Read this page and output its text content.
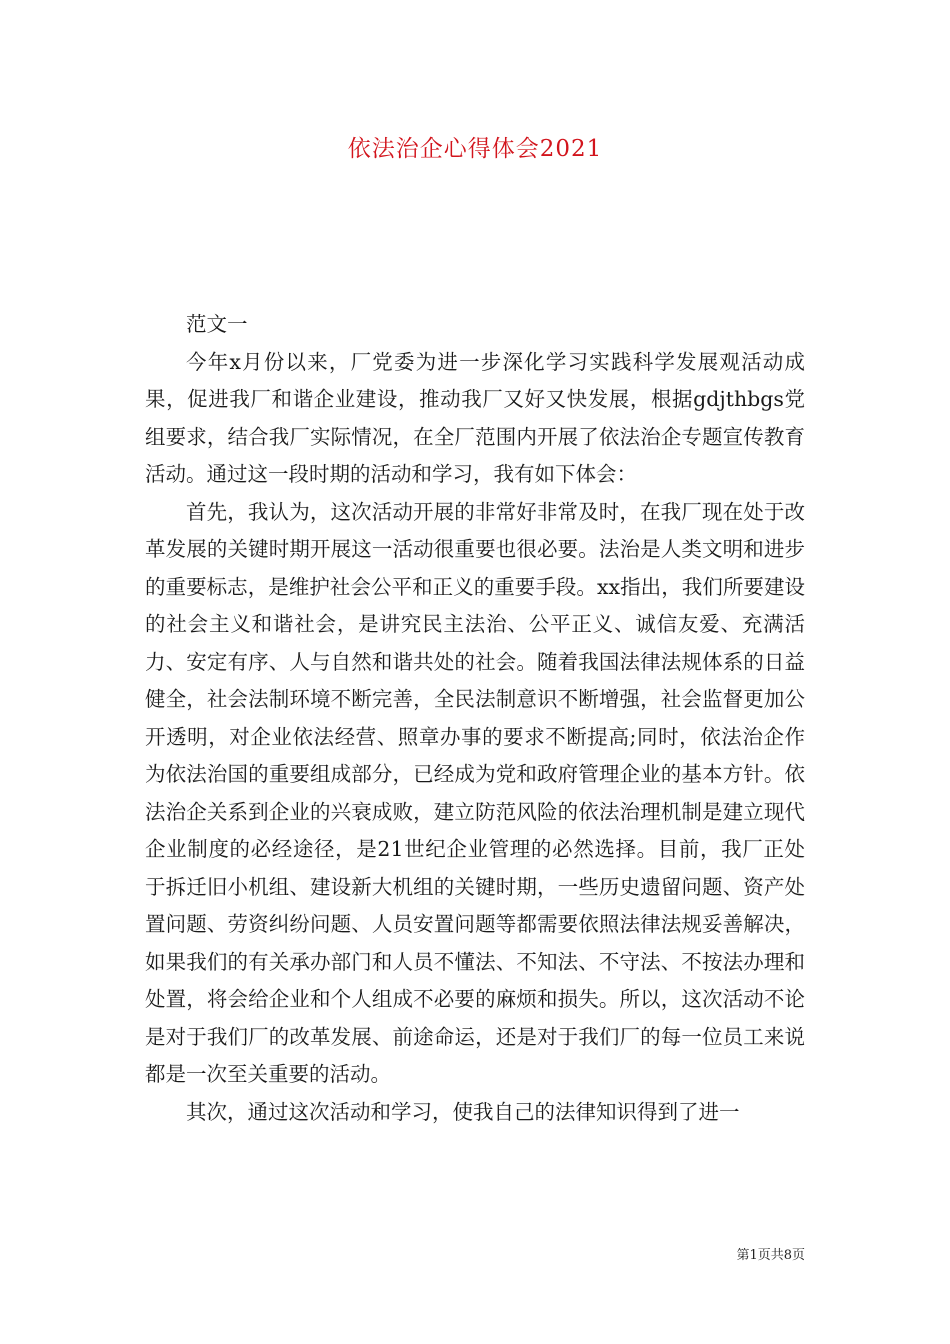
依法治企心得体会2021

范文一

今年x月份以来，厂党委为进一步深化学习实践科学发展观活动成果，促进我厂和谐企业建设，推动我厂又好又快发展，根据gdjthbgs党组要求，结合我厂实际情况，在全厂范围内开展了依法治企专题宣传教育活动。通过这一段时期的活动和学习，我有如下体会：

首先，我认为，这次活动开展的非常好非常及时，在我厂现在处于改革发展的关键时期开展这一活动很重要也很必要。法治是人类文明和进步的重要标志，是维护社会公平和正义的重要手段。xx指出，我们所要建设的社会主义和谐社会，是讲究民主法治、公平正义、诚信友爱、充满活力、安定有序、人与自然和谐共处的社会。随着我国法律法规体系的日益健全，社会法制环境不断完善，全民法制意识不断增强，社会监督更加公开透明，对企业依法经营、照章办事的要求不断提高;同时，依法治企作为依法治国的重要组成部分，已经成为党和政府管理企业的基本方针。依法治企关系到企业的兴衰成败，建立防范风险的依法治理机制是建立现代企业制度的必经途径，是21世纪企业管理的必然选择。目前，我厂正处于拆迁旧小机组、建设新大机组的关键时期，一些历史遗留问题、资产处置问题、劳资纠纷问题、人员安置问题等都需要依照法律法规妥善解决，如果我们的有关承办部门和人员不懂法、不知法、不守法、不按法办理和处置，将会给企业和个人组成不必要的麻烦和损失。所以，这次活动不论是对于我们厂的改革发展、前途命运，还是对于我们厂的每一位员工来说都是一次至关重要的活动。

其次，通过这次活动和学习，使我自己的法律知识得到了进一

第1页共8页
